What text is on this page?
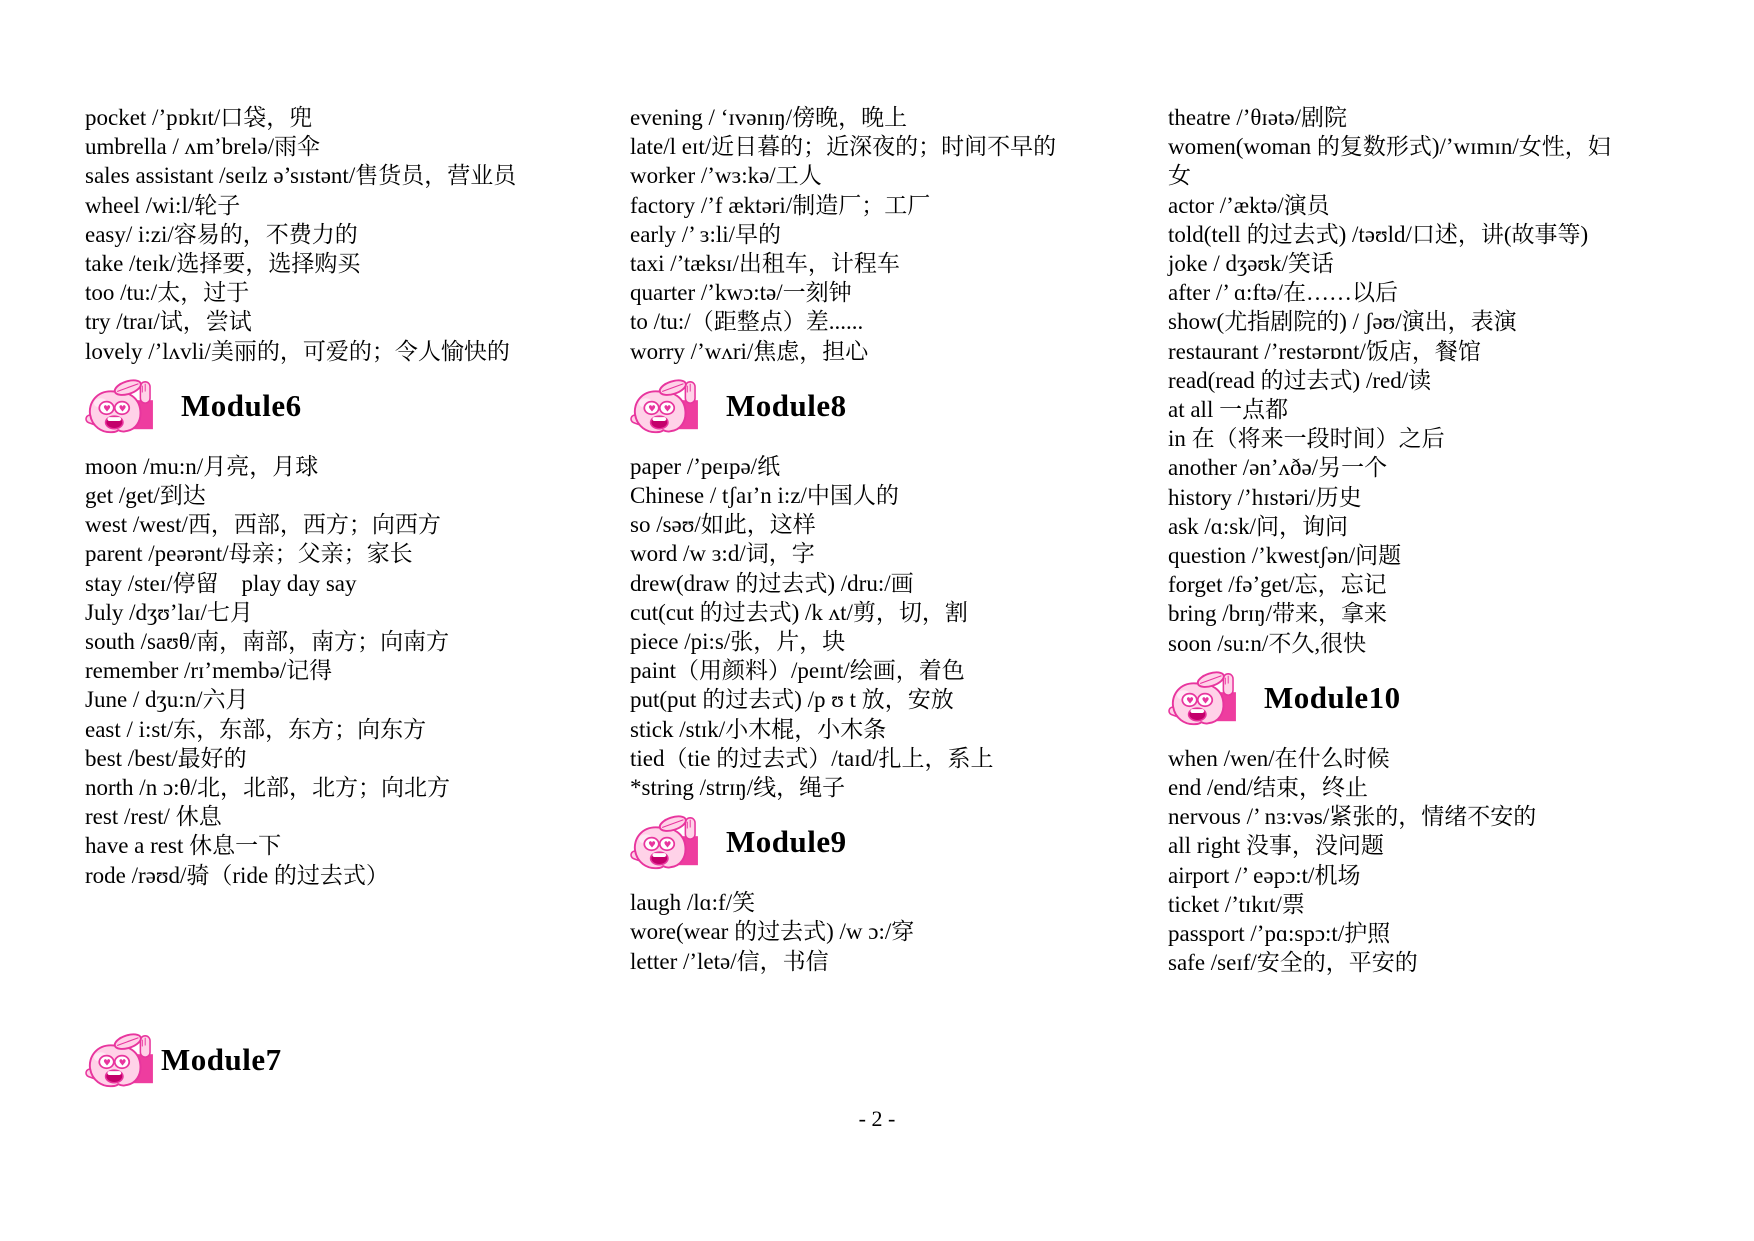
pocket /’pɒkɪt/口袋，兜
umbrella / ʌm’brelə/雨伞
sales assistant /seɪlz ə’sɪstənt/售货员，营业员
wheel /wi:l/轮子
easy/ i:zi/容易的，不费力的
take /teɪk/选择要，选择购买
too /tu:/太，过于
try /traɪ/试，尝试
lovely /’lʌvli/美丽的，可爱的；令人愉快的
Module6
moon /mu:n/月亮，月球
get /get/到达
west /west/西，西部，西方；向西方
parent /peərənt/母亲；父亲；家长
stay /steɪ/停留    play day say
July /dʒʊ’laɪ/七月
south /saʊθ/南，南部，南方；向南方
remember /rɪ’membə/记得
June / dʒu:n/六月
east / i:st/东，东部，东方；向东方
best /best/最好的
north /n ɔ:θ/北，北部，北方；向北方
rest /rest/ 休息
have a rest 休息一下
rode /rəʊd/骑（ride 的过去式）
Module7
evening / ‘ɪvənɪŋ/傍晚，晚上
late/l eɪt/近日暮的；近深夜的；时间不早的
worker /’wɜ:kə/工人
factory /’f æktəri/制造厂；工厂
early /’ ɜ:li/早的
taxi /’tæksɪ/出租车，计程车
quarter /’kwɔ:tə/一刻钟
to /tu:/（距整点）差......
worry /’wʌri/焦虑，担心
Module8
paper /’peɪpə/纸
Chinese / tʃaɪ’n i:z/中国人的
so /səʊ/如此，这样
word /w ɜ:d/词，字
drew(draw 的过去式) /dru:/画
cut(cut 的过去式) /k ʌt/剪，切，割
piece /pi:s/张，片，块
paint（用颜料）/peɪnt/绘画，着色
put(put 的过去式) /p ʊ t 放，安放
stick /stɪk/小木棍，小木条
tied（tie 的过去式）/taɪd/扎上，系上
*string /strɪŋ/线，绳子
Module9
laugh /lɑ:f/笑
wore(wear 的过去式) /w ɔ:/穿
letter /’letə/信，书信
theatre /’θɪətə/剧院
women(woman 的复数形式)/’wɪmɪn/女性，妇
女
actor /’æktə/演员
told(tell 的过去式) /təʊld/口述，讲(故事等)
joke / dʒəʊk/笑话
after /’ ɑ:ftə/在……以后
show(尤指剧院的) / ʃəʊ/演出，表演
restaurant /’restərɒnt/饭店，餐馆
read(read 的过去式) /red/读
at all 一点都
in 在（将来一段时间）之后
another /ən’ʌðə/另一个
history /’hɪstəri/历史
ask /ɑ:sk/问，询问
question /’kwestʃən/问题
forget /fə’get/忘，忘记
bring /brɪŋ/带来，拿来
soon /su:n/不久,很快
Module10
when /wen/在什么时候
end /end/结束，终止
nervous /’ nɜ:vəs/紧张的，情绪不安的
all right 没事，没问题
airport /’ eəpɔ:t/机场
ticket /’tɪkɪt/票
passport /’pɑ:spɔ:t/护照
safe /seɪf/安全的，平安的
- 2 -
